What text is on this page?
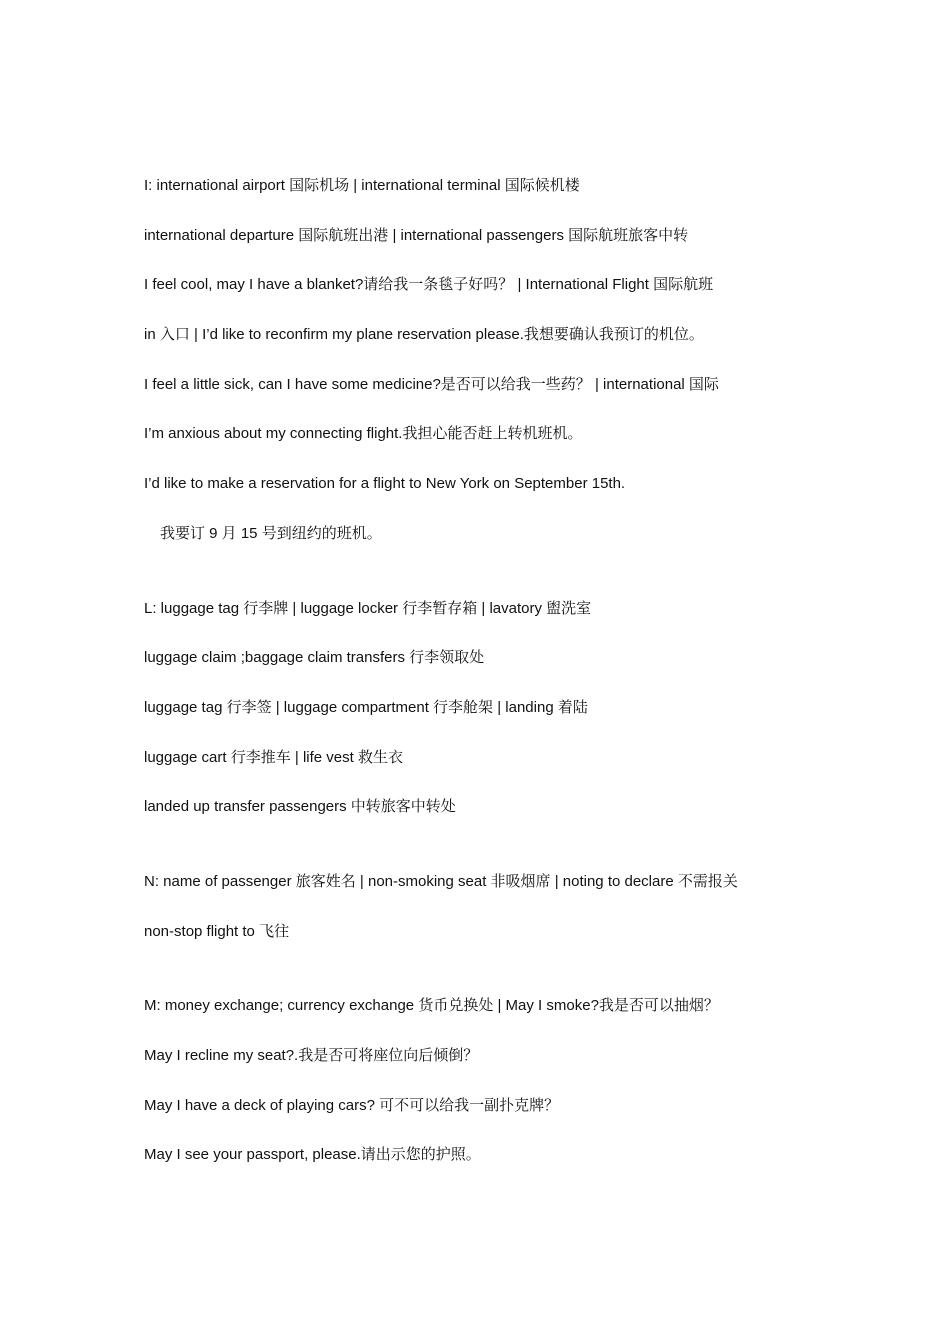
I: international airport 国际机场 | international terminal 国际候机楼
international departure 国际航班出港 | international passengers 国际航班旅客中转
I feel cool, may I have a blanket?请给我一条毯子好吗？ | International Flight 国际航班
in 入口 | I’d like to reconfirm my plane reservation please.我想要确认我预订的机位。
I feel a little sick, can I have some medicine?是否可以给我一些药？ | international 国际
I’m anxious about my connecting flight.我担心能否赶上转机班机。
I’d like to make a reservation for a flight to New York on September 15th.
我要订 9 月 15 号到纽约的班机。
L: luggage tag 行李牌 | luggage locker 行李暂存箱 | lavatory 盥洗室
luggage claim ;baggage claim transfers 行李领取处
luggage tag 行李签 | luggage compartment 行李舱架 | landing 着陆
luggage cart 行李推车 | life vest 救生衣
landed up transfer passengers 中转旅客中转处
N: name of passenger 旅客姓名 | non-smoking seat 非吸烟席 | noting to declare 不需报关
non-stop flight to 飞往
M: money exchange; currency exchange 货币兑换处 | May I smoke?我是否可以抽烟？
May I recline my seat?.我是否可将座位向后倾倒？
May I have a deck of playing cars? 可不可以给我一副扑克牌？
May I see your passport, please.请出示您的护照。
